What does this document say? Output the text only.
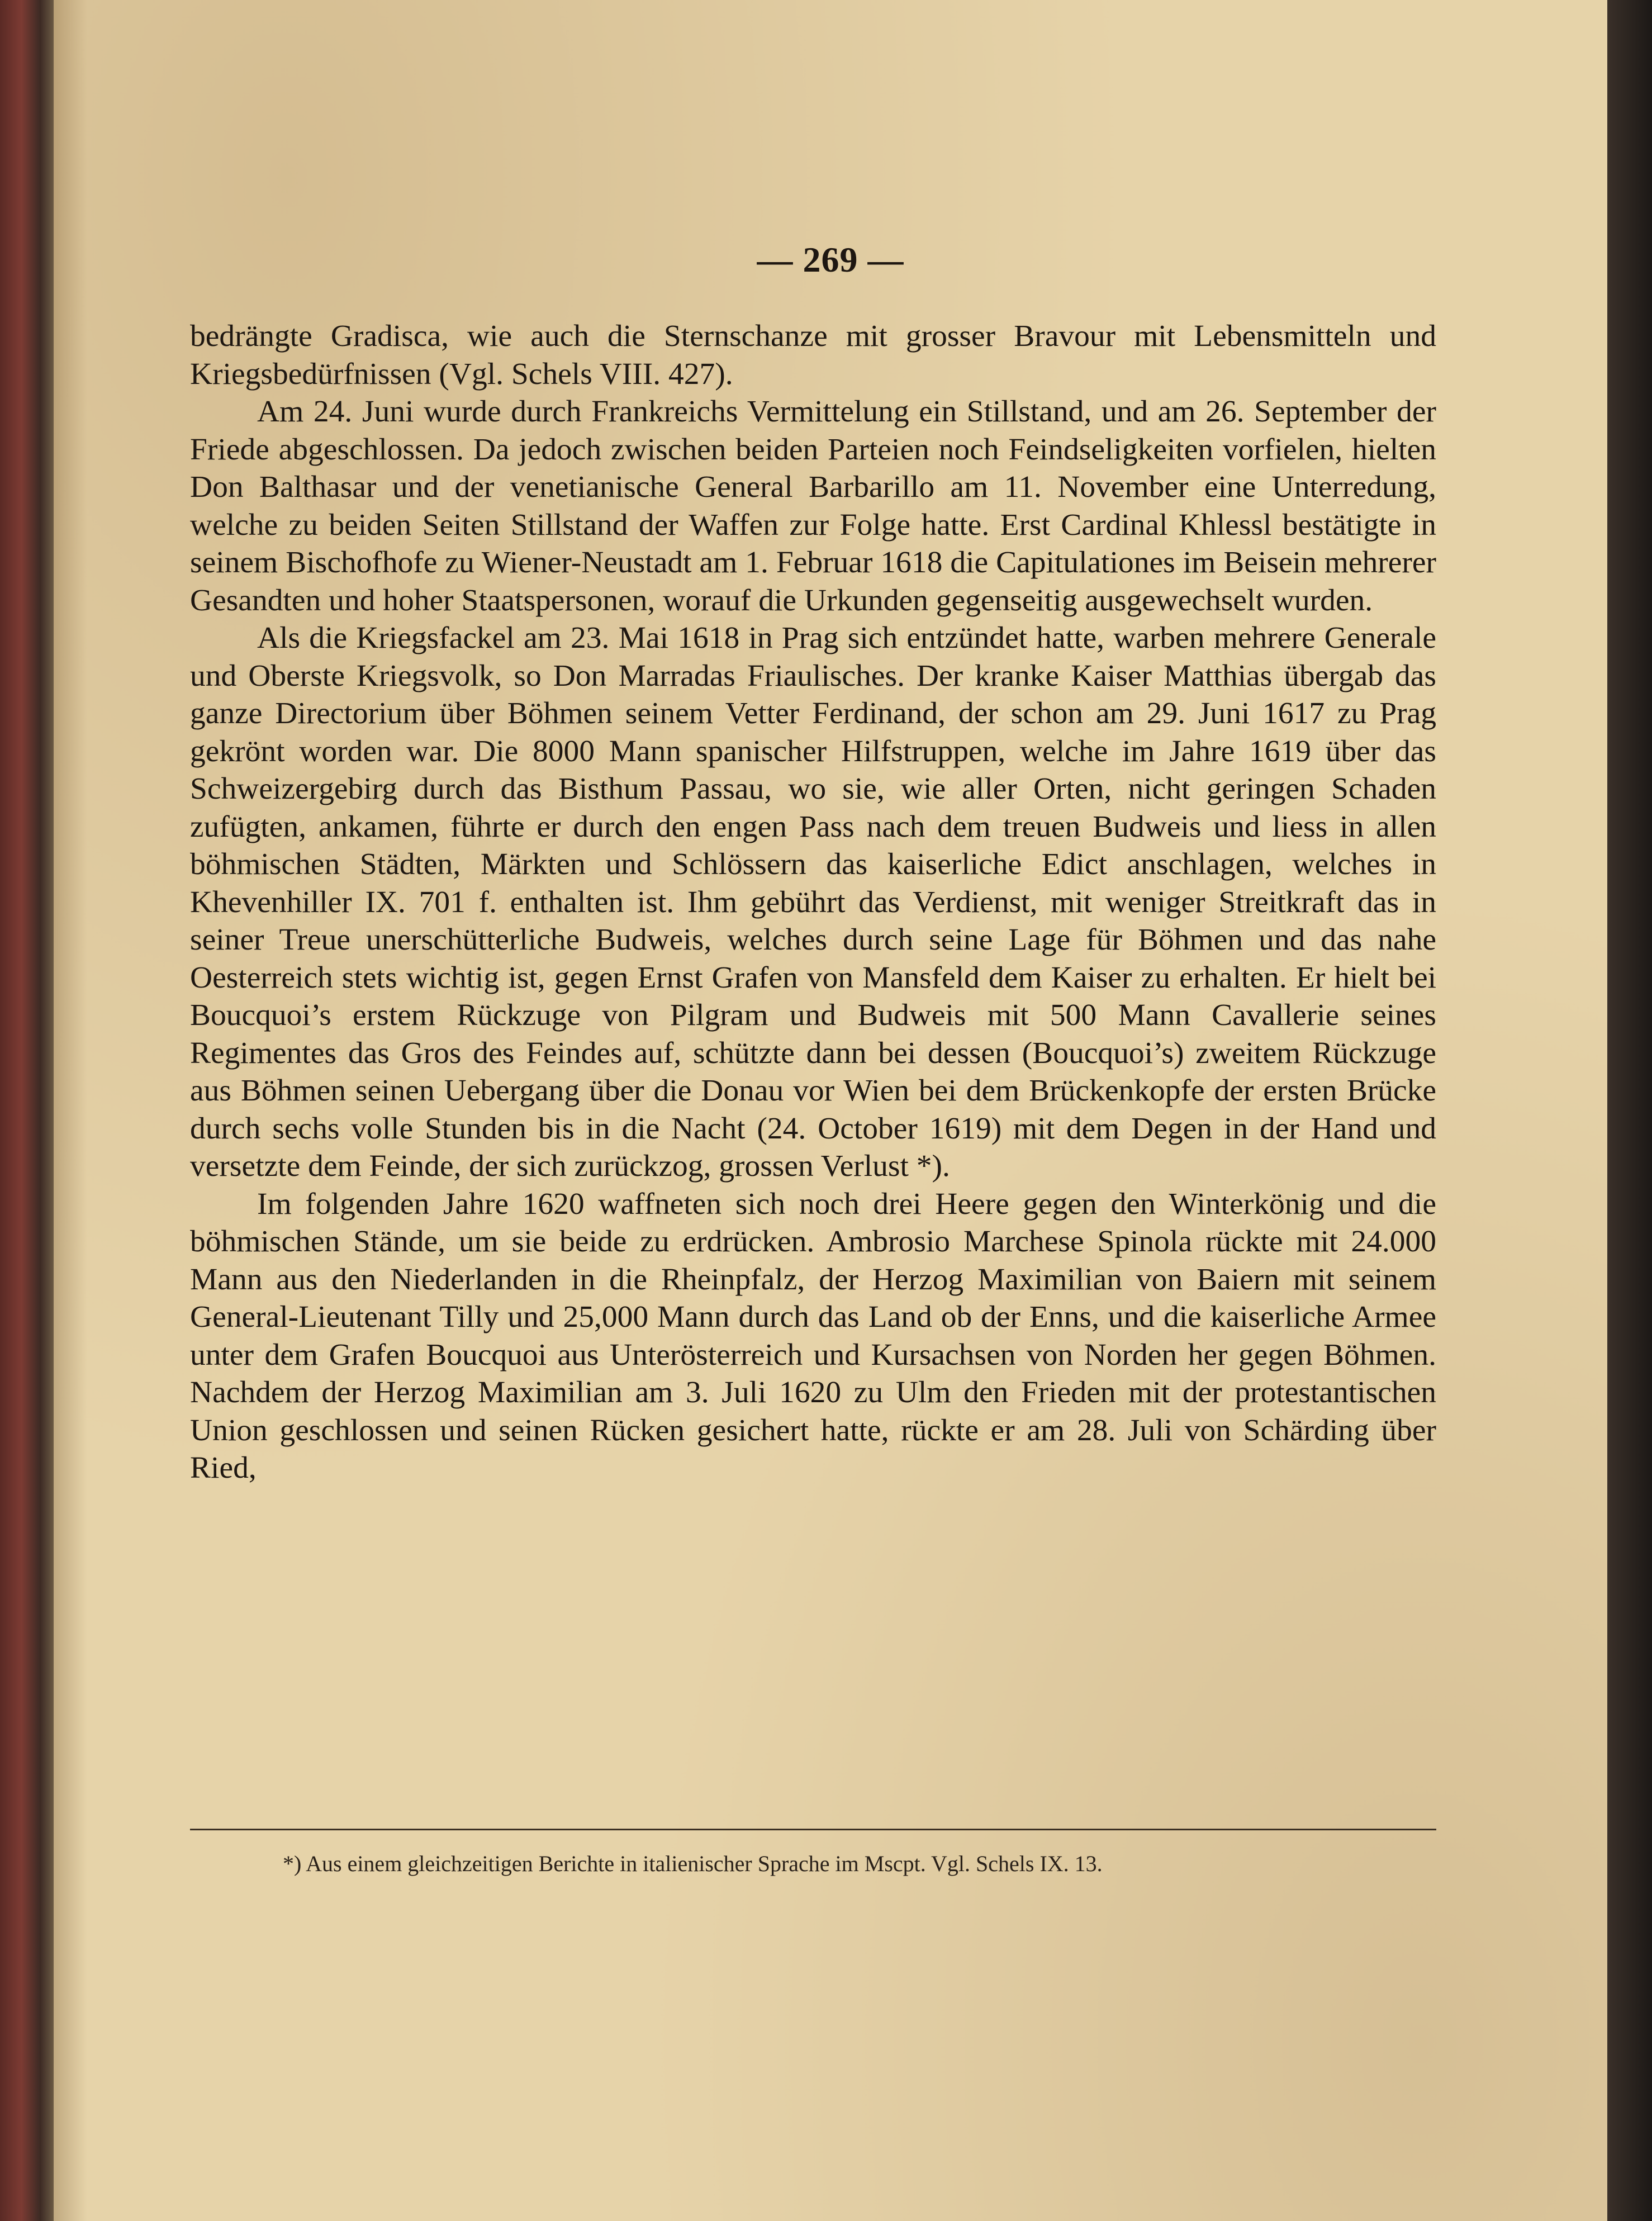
— 269 —

bedrängte Gradisca, wie auch die Sternschanze mit grosser Bravour mit Lebensmitteln und Kriegsbedürfnissen (Vgl. Schels VIII. 427).

Am 24. Juni wurde durch Frankreichs Vermittelung ein Stillstand, und am 26. September der Friede abgeschlossen. Da jedoch zwischen beiden Parteien noch Feindseligkeiten vorfielen, hielten Don Balthasar und der venetianische General Barbarillo am 11. November eine Unterredung, welche zu beiden Seiten Stillstand der Waffen zur Folge hatte. Erst Cardinal Khlessl bestätigte in seinem Bischofhofe zu Wiener-Neustadt am 1. Februar 1618 die Capitulationes im Beisein mehrerer Gesandten und hoher Staatspersonen, worauf die Urkunden gegenseitig ausgewechselt wurden.

Als die Kriegsfackel am 23. Mai 1618 in Prag sich entzündet hatte, warben mehrere Generale und Oberste Kriegsvolk, so Don Marradas Friaulisches. Der kranke Kaiser Matthias übergab das ganze Directorium über Böhmen seinem Vetter Ferdinand, der schon am 29. Juni 1617 zu Prag gekrönt worden war. Die 8000 Mann spanischer Hilfstruppen, welche im Jahre 1619 über das Schweizergebirg durch das Bisthum Passau, wo sie, wie aller Orten, nicht geringen Schaden zufügten, ankamen, führte er durch den engen Pass nach dem treuen Budweis und liess in allen böhmischen Städten, Märkten und Schlössern das kaiserliche Edict anschlagen, welches in Khevenhiller IX. 701 f. enthalten ist. Ihm gebührt das Verdienst, mit weniger Streitkraft das in seiner Treue unerschütterliche Budweis, welches durch seine Lage für Böhmen und das nahe Oesterreich stets wichtig ist, gegen Ernst Grafen von Mansfeld dem Kaiser zu erhalten. Er hielt bei Boucquoi’s erstem Rückzuge von Pilgram und Budweis mit 500 Mann Cavallerie seines Regimentes das Gros des Feindes auf, schützte dann bei dessen (Boucquoi’s) zweitem Rückzuge aus Böhmen seinen Uebergang über die Donau vor Wien bei dem Brückenkopfe der ersten Brücke durch sechs volle Stunden bis in die Nacht (24. October 1619) mit dem Degen in der Hand und versetzte dem Feinde, der sich zurückzog, grossen Verlust *).

Im folgenden Jahre 1620 waffneten sich noch drei Heere gegen den Winterkönig und die böhmischen Stände, um sie beide zu erdrücken. Ambrosio Marchese Spinola rückte mit 24.000 Mann aus den Niederlanden in die Rheinpfalz, der Herzog Maximilian von Baiern mit seinem General-Lieutenant Tilly und 25,000 Mann durch das Land ob der Enns, und die kaiserliche Armee unter dem Grafen Boucquoi aus Unterösterreich und Kursachsen von Norden her gegen Böhmen. Nachdem der Herzog Maximilian am 3. Juli 1620 zu Ulm den Frieden mit der protestantischen Union geschlossen und seinen Rücken gesichert hatte, rückte er am 28. Juli von Schärding über Ried,

*) Aus einem gleichzeitigen Berichte in italienischer Sprache im Mscpt. Vgl. Schels IX. 13.
